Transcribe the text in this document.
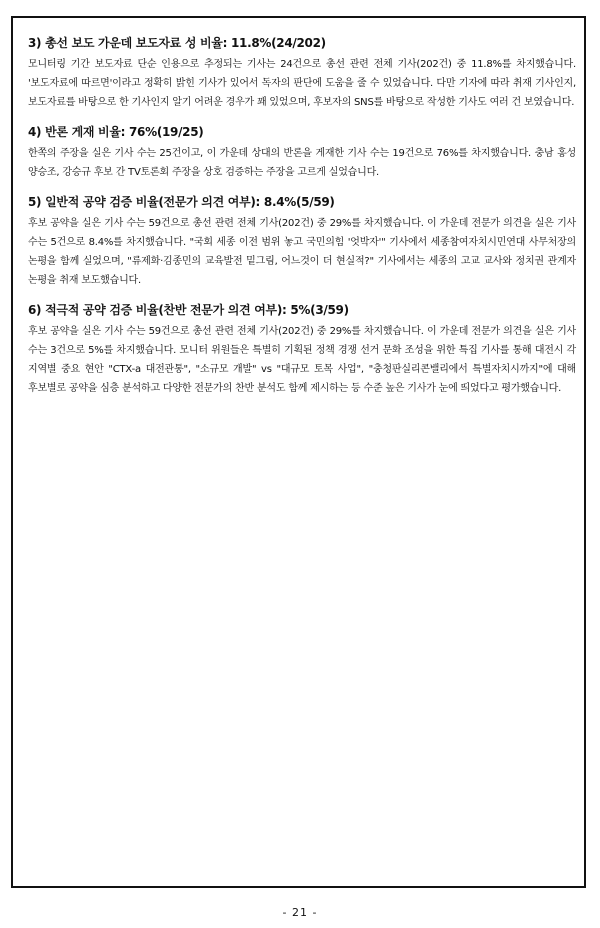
3) 총선 보도 가운데 보도자료 성 비율: 11.8%(24/202)

모니터링 기간 보도자료 단순 인용으로 추정되는 기사는 24건으로 총선 관련 전체 기사(202건) 중 11.8%를 차지했습니다. '보도자료에 따르면'이라고 정확히 밝힌 기사가 있어서 독자의 판단에 도움을 줄 수 있었습니다. 다만 기자에 따라 취재 기사인지, 보도자료를 바탕으로 한 기사인지 알기 어려운 경우가 꽤 있었으며, 후보자의 SNS를 바탕으로 작성한 기사도 여러 건 보였습니다.

4) 반론 게재 비율: 76%(19/25)

한쪽의 주장을 실은 기사 수는 25건이고, 이 가운데 상대의 반론을 게재한 기사 수는 19건으로 76%를 차지했습니다. 충남 홍성 양승조, 강승규 후보 간 TV토론회 주장을 상호 검증하는 주장을 고르게 실었습니다.

5) 일반적 공약 검증 비율(전문가 의견 여부): 8.4%(5/59)

후보 공약을 실은 기사 수는 59건으로 총선 관련 전체 기사(202건) 중 29%를 차지했습니다. 이 가운데 전문가 의견을 실은 기사 수는 5건으로 8.4%를 차지했습니다. "국회 세종 이전 범위 놓고 국민의힘 '엇박자'" 기사에서 세종참여자치시민연대 사무처장의 논평을 함께 실었으며, "류제화·김종민의 교육발전 밑그림, 어느것이 더 현실적?" 기사에서는 세종의 고교 교사와 정치권 관계자 논평을 취재 보도했습니다.

6) 적극적 공약 검증 비율(찬반 전문가 의견 여부): 5%(3/59)

후보 공약을 실은 기사 수는 59건으로 총선 관련 전체 기사(202건) 중 29%를 차지했습니다. 이 가운데 전문가 의견을 실은 기사 수는 3건으로 5%를 차지했습니다. 모니터 위원들은 특별히 기획된 정책 경쟁 선거 문화 조성을 위한 특집 기사를 통해 대전시 각 지역별 중요 현안 "CTX-a 대전관통", "소규모 개발" vs "대규모 토목 사업", "충청판실리콘밸리에서 특별자치시까지"에 대해 후보별로 공약을 심층 분석하고 다양한 전문가의 찬반 분석도 함께 제시하는 등 수준 높은 기사가 눈에 띄었다고 평가했습니다.

- 21 -
